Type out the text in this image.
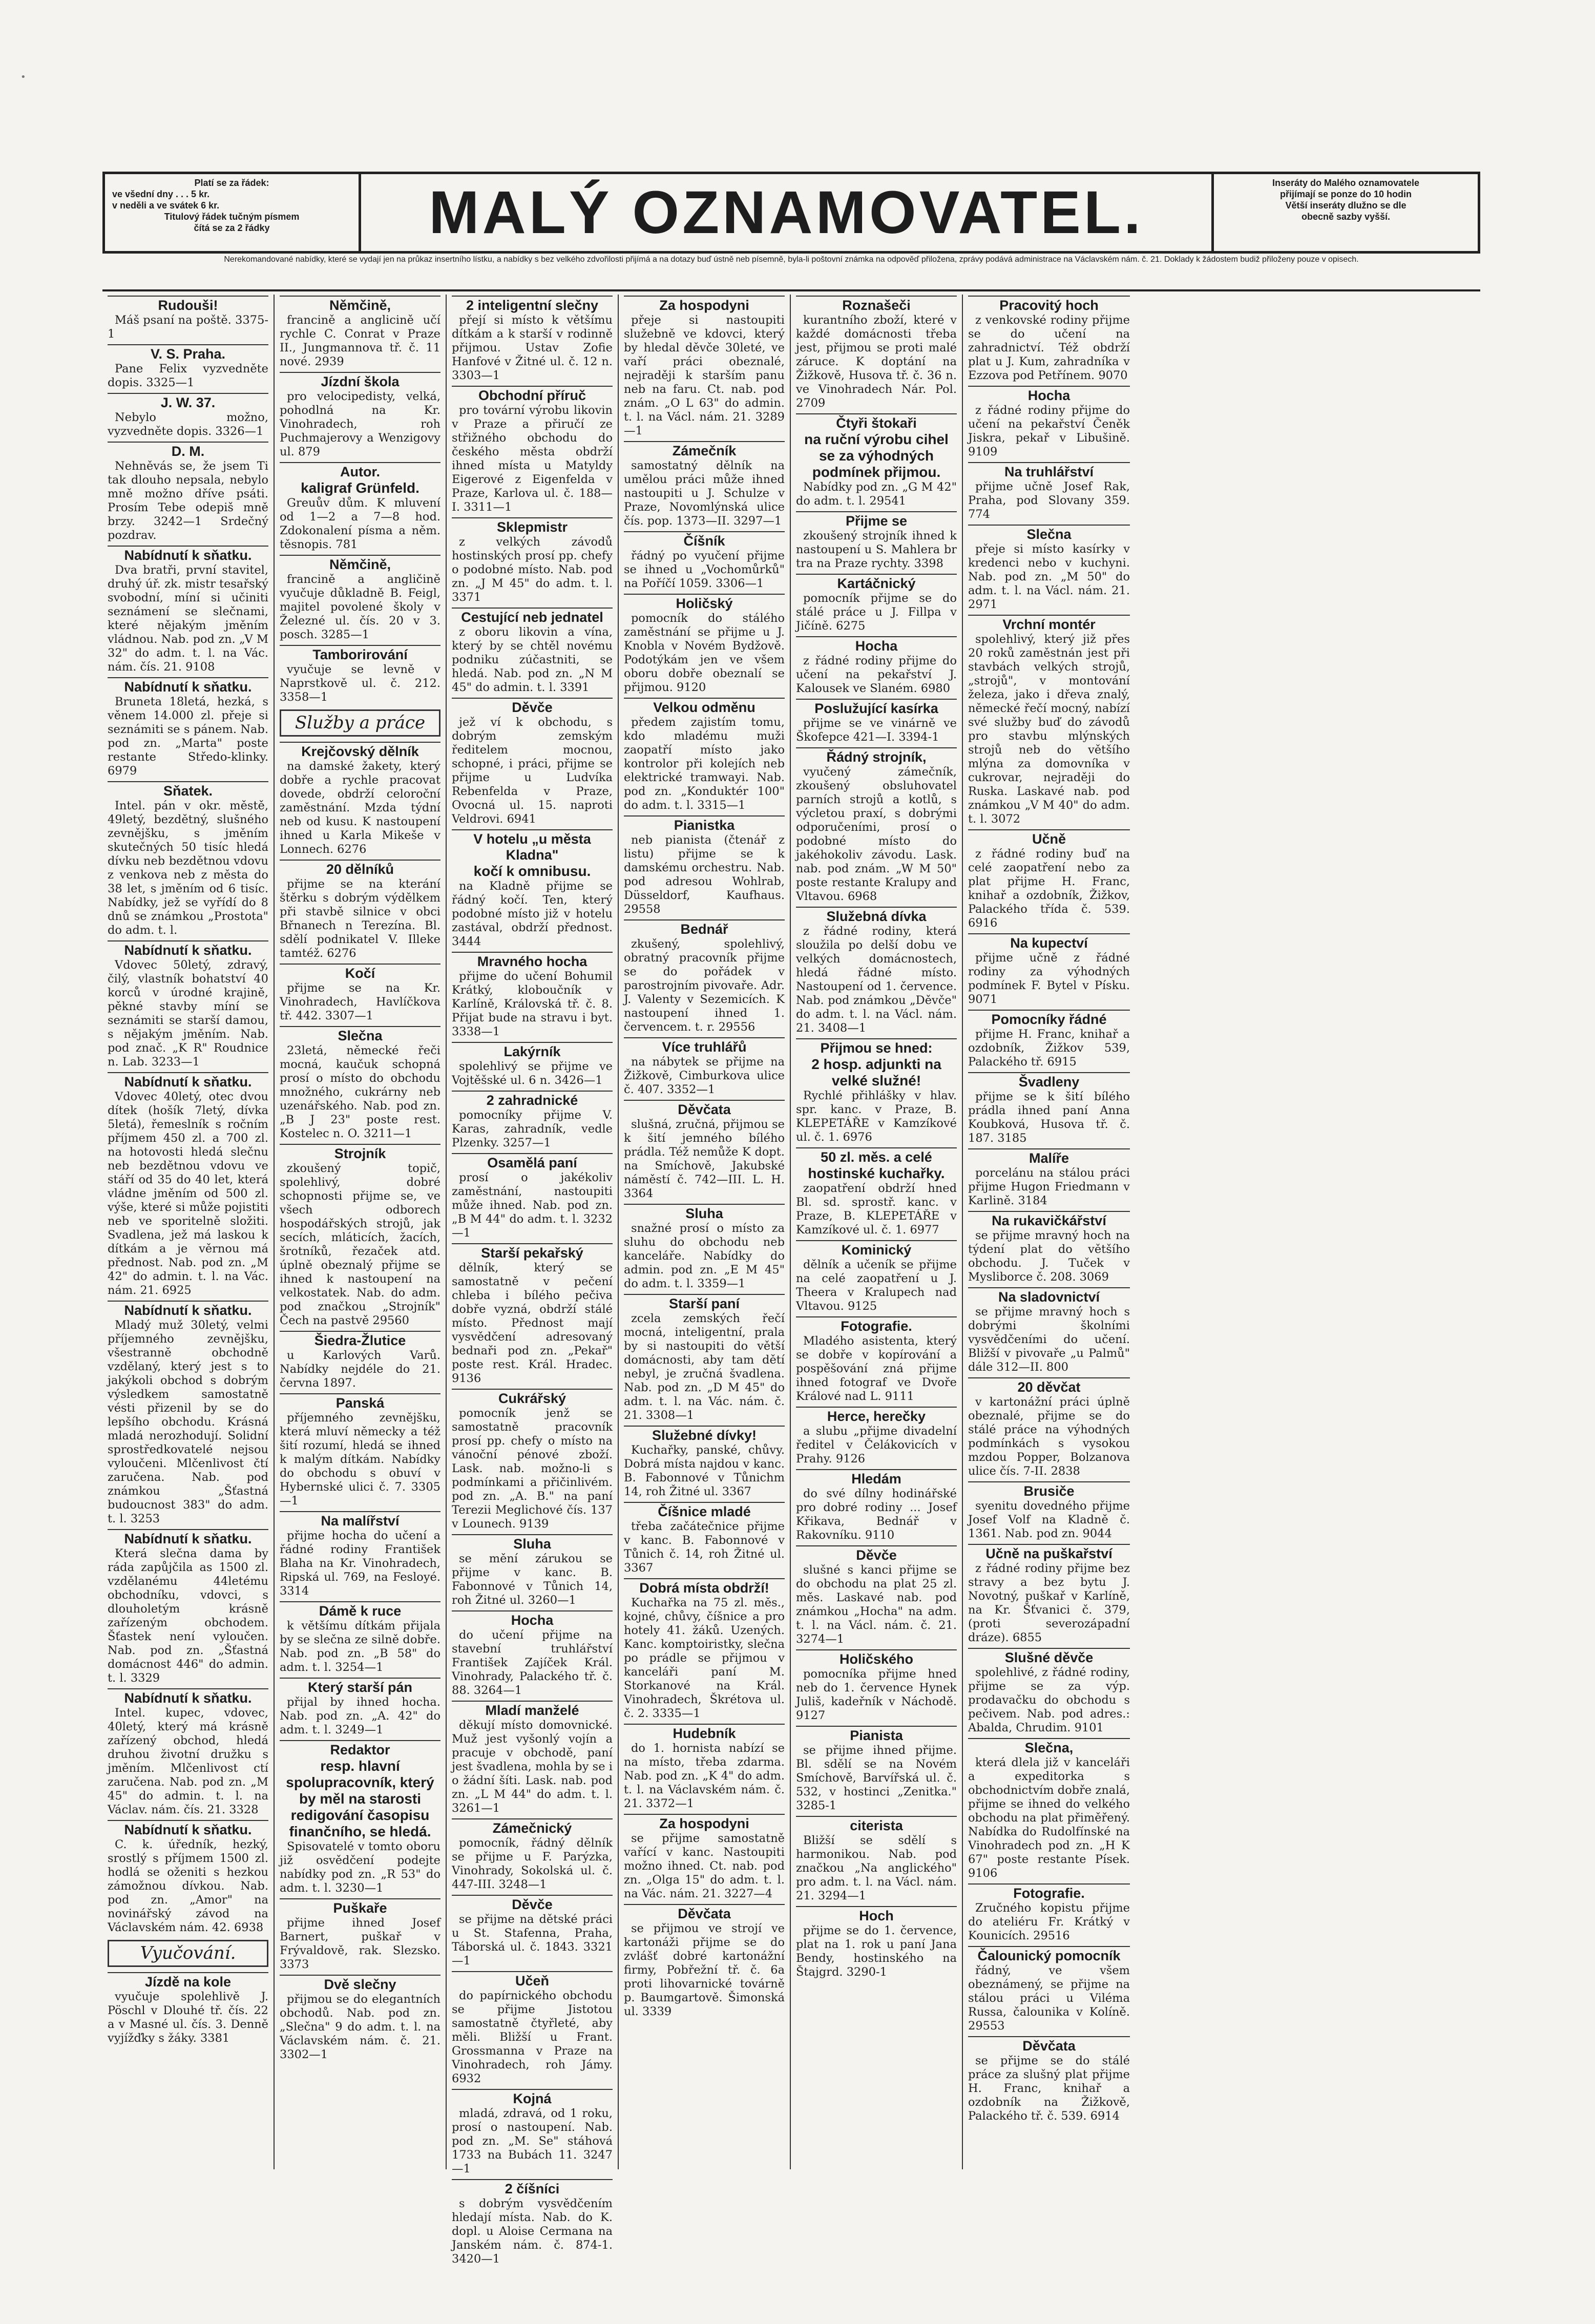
•
Platí se za řádek:
ve všední dny . . . 5 kr.
v neděli a ve svátek 6 kr.
Titulový řádek tučným písmem
čítá se za 2 řádky	MALÝ OZNAMOVATEL.	Inseráty do Malého oznamovatele
přijímají se ponze do 10 hodin
Větší inseráty dlužno se dle
obecně sazby vyšší.
Nerekomandované nabídky, které se vydají jen na průkaz insertního lístku, a nabídky s bez velkého zdvořilosti přijímá a na dotazy buď ústně neb písemně, byla-li poštovní známka na odpověď přiložena, zprávy podává administrace na Václavském nám. č. 21. Doklady k žádostem budiž přiloženy pouze v opisech.
Rudouši!
Máš psaní na poště. 3375-1
V. S. Praha.
Pane Felix vyzvedněte dopis. 3325—1
J. W. 37.
Nebylo možno, vyzvedněte dopis. 3326—1
D. M.
Nehněvás se, že jsem Ti tak dlouho nepsala, nebylo mně možno dříve psáti. Prosím Tebe odepiš mně brzy. 3242—1 Srdečný pozdrav.
Nabídnutí k sňatku.
Dva bratři, první stavitel, druhý úř. zk. mistr tesařský svobodní, míní si učiniti seznámení se slečnami, které nějakým jměním vládnou. Nab. pod zn. „V M 32" do adm. t. l. na Vác. nám. čís. 21. 9108
Nabídnutí k sňatku.
Bruneta 18letá, hezká, s věnem 14.000 zl. přeje si seznámiti se s pánem. Nab. pod zn. „Marta" poste restante Středo-klinky. 6979
Sňatek.
Intel. pán v okr. městě, 49letý, bezdětný, slušného zevnějšku, s jměním skutečných 50 tisíc hledá dívku neb bezdětnou vdovu z venkova neb z města do 38 let, s jměním od 6 tisíc. Nabídky, jež se vyřídí do 8 dnů se známkou „Prostota" do adm. t. l.
Nabídnutí k sňatku.
Vdovec 50letý, zdravý, čilý, vlastník bohatství 40 korců v úrodné krajině, pěkné stavby míní se seznámiti se starší damou, s nějakým jměním. Nab. pod znač. „K R" Roudnice n. Lab. 3233—1
Nabídnutí k sňatku.
Vdovec 40letý, otec dvou dítek (hošík 7letý, dívka 5letá), řemeslník s ročním příjmem 450 zl. a 700 zl. na hotovosti hledá slečnu neb bezdětnou vdovu ve stáří od 35 do 40 let, která vládne jměním od 500 zl. výše, které si může pojistiti neb ve sporitelně složiti. Svadlena, jež má laskou k dítkám a je věrnou má přednost. Nab. pod zn. „M 42" do admin. t. l. na Vác. nám. 21. 6925
Nabídnutí k sňatku.
Mladý muž 30letý, velmi příjemného zevnějšku, všestranně obchodně vzdělaný, který jest s to jakýkoli obchod s dobrým výsledkem samostatně vésti přizenil by se do lepšího obchodu. Krásná mladá nerozhodují. Solidní sprostředkovatelé nejsou vyloučeni. Mlčenlivost čtí zaručena. Nab. pod známkou „Šťastná budoucnost 383" do adm. t. l. 3253
Nabídnutí k sňatku.
Která slečna dama by ráda zapůjčila as 1500 zl. vzdělanému 44letému obchodníku, vdovci, s dlouholetým krásně zařízeným obchodem. Šťastek není vyloučen. Nab. pod zn. „Šťastná domácnost 446" do admin. t. l. 3329
Nabídnutí k sňatku.
Intel. kupec, vdovec, 40letý, který má krásně zařízený obchod, hledá druhou životní družku s jměním. Mlčenlivost ctí zaručena. Nab. pod zn. „M 45" do admin. t. l. na Václav. nám. čís. 21. 3328
Nabídnutí k sňatku.
C. k. úředník, hezký, srostlý s příjmem 1500 zl. hodlá se oženiti s hezkou zámožnou dívkou. Nab. pod zn. „Amor" na novinářský závod na Václavském nám. 42. 6938
Vyučování.
Jízdě na kole
vyučuje spolehlivě J. Pöschl v Dlouhé tř. čís. 22 a v Masné ul. čís. 3. Denně vyjížďky s žáky. 3381
Němčině,
francině a anglicině učí rychle C. Conrat v Praze II., Jungmannova tř. č. 11 nové. 2939
Jízdní škola
pro velocipedisty, velká, pohodlná na Kr. Vinohradech, roh Puchmajerovy a Wenzigovy ul. 879
Autor.
kaligraf Grünfeld.
Greuův dům. K mluvení od 1—2 a 7—8 hod. Zdokonalení písma a něm. těsnopis. 781
Němčině,
francině a angličině vyučuje důkladně B. Feigl, majitel povolené školy v Železné ul. čís. 20 v 3. posch. 3285—1
Tamborirování
vyučuje se levně v Naprstkově ul. č. 212. 3358—1
Služby a práce
Krejčovský dělník
na damské žakety, který dobře a rychle pracovat dovede, obdrží celoroční zaměstnání. Mzda týdní neb od kusu. K nastoupení ihned u Karla Mikeše v Lonnech. 6276
20 dělníků
přijme se na kterání štěrku s dobrým výdělkem při stavbě silnice v obci Břnanech n Terezína. Bl. sdělí podnikatel V. Illeke tamtéž. 6276
Kočí
přijme se na Kr. Vinohradech, Havlíčkova tř. 442. 3307—1
Slečna
23letá, německé řeči mocná, kaučuk schopná prosí o místo do obchodu množného, cukrárny neb uzenářského. Nab. pod zn. „B J 23" poste rest. Kostelec n. O. 3211—1
Strojník
zkoušený topič, spolehlivý, dobré schopnosti přijme se, ve všech odborech hospodářských strojů, jak secích, mláticích, žacích, šrotníků, řezaček atd. úplně obeznalý přijme se ihned k nastoupení na velkostatek. Nab. do adm. pod značkou „Strojník" Čech na pastvě 29560
Šiedra-Žlutice
u Karlových Varů. Nabídky nejdéle do 21. června 1897.
Panská
příjemného zevnějšku, která mluví německy a též šití rozumí, hledá se ihned k malým dítkám. Nabídky do obchodu s obuví v Hybernské ulici č. 7. 3305—1
Na malířství
přijme hocha do učení a řádné rodiny František Blaha na Kr. Vinohradech, Ripská ul. 769, na Fesloyé. 3314
Dámě k ruce
k většímu dítkám přijala by se slečna ze silně dobře. Nab. pod zn. „B 58" do adm. t. l. 3254—1
Který starší pán
přijal by ihned hocha. Nab. pod zn. „A. 42" do adm. t. l. 3249—1
Redaktor
resp. hlavní spolupracovník, který by měl na starosti redigování časopisu finančního, se hledá.
Spisovatelé v tomto oboru již osvědčení podejte nabídky pod zn. „R 53" do adm. t. l. 3230—1
Puškaře
přijme ihned Josef Barnert, puškař v Frývaldově, rak. Slezsko. 3373
Dvě slečny
přijmou se do elegantních obchodů. Nab. pod zn. „Slečna" 9 do adm. t. l. na Václavském nám. č. 21. 3302—1
2 inteligentní slečny
přejí si místo k většímu dítkám a k starší v rodinně přijmou. Ustav Zofie Hanfové v Žitné ul. č. 12 n. 3303—1
Obchodní příruč
pro tovární výrobu likovin v Praze a přiručí ze střižného obchodu do českého města obdrží ihned místa u Matyldy Eigerové z Eigenfelda v Praze, Karlova ul. č. 188—I. 3311—1
Sklepmistr
z velkých závodů hostinských prosí pp. chefy o podobné místo. Nab. pod zn. „J M 45" do adm. t. l. 3371
Cestující neb jednatel
z oboru likovin a vína, který by se chtěl novému podniku zúčastniti, se hledá. Nab. pod zn. „N M 45" do admin. t. l. 3391
Děvče
jež ví k obchodu, s dobrým zemským ředitelem mocnou, schopné, i práci, přijme se přijme u Ludvíka Rebenfelda v Praze, Ovocná ul. 15. naproti Veldrovi. 6941
V hotelu „u města Kladna"
kočí k omnibusu.
na Kladně přijme se řádný kočí. Ten, který podobné místo již v hotelu zastával, obdrží přednost. 3444
Mravného hocha
přijme do učení Bohumil Krátký, kloboučník v Karlíně, Královská tř. č. 8. Přijat bude na stravu i byt. 3338—1
Lakýrník
spolehlivý se přijme ve Vojtěšské ul. 6 n. 3426—1
2 zahradnické
pomocníky přijme V. Karas, zahradník, vedle Plzenky. 3257—1
Osamělá paní
prosí o jakékoliv zaměstnání, nastoupiti může ihned. Nab. pod zn. „B M 44" do adm. t. l. 3232—1
Starší pekařský
dělník, který se samostatně v pečení chleba i bílého pečiva dobře vyzná, obdrží stálé místo. Přednost mají vysvědčení adresovaný bednaři pod zn. „Pekař" poste rest. Král. Hradec. 9136
Cukrářský
pomocník jenž se samostatně pracovník prosí pp. chefy o místo na vánoční pénové zboží. Lask. nab. možno-li s podmínkami a přičinlivém. pod zn. „A. B." na paní Terezii Meglichové čís. 137 v Lounech. 9139
Sluha
se mění zárukou se přijme v kanc. B. Fabonnové v Tůnich 14, roh Žitné ul. 3260—1
Hocha
do učení přijme na stavební truhlářství František Zajíček Král. Vinohrady, Palackého tř. č. 88. 3264—1
Mladí manželé
děkují místo domovnické. Muž jest vyšonlý vojín a pracuje v obchodě, paní jest švadlena, mohla by se i o žádní šíti. Lask. nab. pod zn. „L M 44" do adm. t. l. 3261—1
Zámečnický
pomocník, řádný dělník se přijme u F. Parýzka, Vinohrady, Sokolská ul. č. 447-III. 3248—1
Děvče
se přijme na dětské práci u St. Stafenna, Praha, Táborská ul. č. 1843. 3321—1
Učeň
do papírnického obchodu se přijme Jistotou samostatně čtyřleté, aby měli. Bližší u Frant. Grossmanna v Praze na Vinohradech, roh Jámy. 6932
Kojná
mladá, zdravá, od 1 roku, prosí o nastoupení. Nab. pod zn. „M. Se" stáhová 1733 na Bubách 11. 3247—1
2 číšníci
s dobrým vysvědčením hledají místa. Nab. do K. dopl. u Aloise Cermana na Janském nám. č. 874-1. 3420—1
Za hospodyni
přeje si nastoupiti služebně ve kdovci, který by hledal děvče 30leté, ve vaří práci obeznalé, nejraději k starším panu neb na faru. Ct. nab. pod znám. „O L 63" do admin. t. l. na Václ. nám. 21. 3289—1
Zámečník
samostatný dělník na umělou práci může ihned nastoupiti u J. Schulze v Praze, Novomlýnská ulice čís. pop. 1373—II. 3297—1
Číšník
řádný po vyučení přijme se ihned u „Vochomůrků" na Poříčí 1059. 3306—1
Holičský
pomocník do stálého zaměstnání se přijme u J. Knobla v Novém Bydžově. Podotýkám jen ve všem oboru dobře obeznalí se přijmou. 9120
Velkou odměnu
předem zajistím tomu, kdo mladému muži zaopatří místo jako kontrolor při kolejích neb elektrické tramwayi. Nab. pod zn. „Konduktér 100" do adm. t. l. 3315—1
Pianistka
neb pianista (čtenář z listu) přijme se k damskému orchestru. Nab. pod adresou Wohlrab, Düsseldorf, Kaufhaus. 29558
Bednář
zkušený, spolehlivý, obratný pracovník přijme se do pořádek v parostrojním pivovaře. Adr. J. Valenty v Sezemicích. K nastoupení ihned 1. červencem. t. r. 29556
Více truhlářů
na nábytek se přijme na Žižkově, Cimburkova ulice č. 407. 3352—1
Děvčata
slušná, zručná, přijmou se k šití jemného bílého prádla. Též nemůže K dopt. na Smíchově, Jakubské náměstí č. 742—III. L. H. 3364
Sluha
snažné prosí o místo za sluhu do obchodu neb kanceláře. Nabídky do admin. pod zn. „E M 45" do adm. t. l. 3359—1
Starší paní
zcela zemských řečí mocná, inteligentní, prala by si nastoupiti do větší domácnosti, aby tam dětí nebyl, je zručná švadlena. Nab. pod zn. „D M 45" do adm. t. l. na Vác. nám. č. 21. 3308—1
Služebné dívky!
Kuchařky, panské, chůvy. Dobrá místa najdou v kanc. B. Fabonnové v Tůnichm 14, roh Žitné ul. 3367
Číšnice mladé
třeba začátečnice přijme v kanc. B. Fabonnové v Tůnich č. 14, roh Žitné ul. 3367
Dobrá místa obdrží!
Kuchařka na 75 zl. měs., kojné, chůvy, číšnice a pro hotely 41. žáků. Uzených. Kanc. komptoiristky, slečna po prádle se přijmou v kanceláři paní M. Storkanové na Král. Vinohradech, Škrétova ul. č. 2. 3335—1
Hudebník
do 1. hornista nabízí se na místo, třeba zdarma. Nab. pod zn. „K 4" do adm. t. l. na Václavském nám. č. 21. 3372—1
Za hospodyni
se přijme samostatně vařící v kanc. Nastoupiti možno ihned. Ct. nab. pod zn. „Olga 15" do adm. t. l. na Vác. nám. 21. 3227—4
Děvčata
se přijmou ve strojí ve kartonáži přijme se do zvlášť dobré kartonážní firmy, Pobřežní tř. č. 6a proti lihovarnické továrně p. Baumgartově. Šimonská ul. 3339
Roznašeči
kurantního zboží, které v každé domácnosti třeba jest, přijmou se proti malé záruce. K doptání na Žižkově, Husova tř. č. 36 n. ve Vinohradech Nár. Pol. 2709
Čtyři štokaři
na ruční výrobu cihel se za výhodných podmínek přijmou.
Nabídky pod zn. „G M 42" do adm. t. l. 29541
Přijme se
zkoušený strojník ihned k nastoupení u S. Mahlera br tra na Praze rychty. 3398
Kartáčnický
pomocník přijme se do stálé práce u J. Fillpa v Jičíně. 6275
Hocha
z řádné rodiny přijme do učení na pekařství J. Kalousek ve Slaném. 6980
Poslužující kasírka
přijme se ve vinárně ve Škofepce 421—I. 3394-1
Řádný strojník,
vyučený zámečník, zkoušený obsluhovatel parních strojů a kotlů, s výcletou praxí, s dobrými odporučeními, prosí o podobné místo do jakéhokoliv závodu. Lask. nab. pod znám. „W M 50" poste restante Kralupy and Vltavou. 6968
Služebná dívka
z řádné rodiny, která sloužila po delší dobu ve velkých domácnostech, hledá řádné místo. Nastoupení od 1. července. Nab. pod známkou „Děvče" do adm. t. l. na Václ. nám. 21. 3408—1
Přijmou se hned:
2 hosp. adjunkti na velké služné!
Rychlé přihlášky v hlav. spr. kanc. v Praze, B. KLEPETÁŘE v Kamzíkové ul. č. 1. 6976
50 zl. měs. a celé
hostinské kuchařky.
zaopatření obdrží hned Bl. sd. sprostř. kanc. v Praze, B. KLEPETÁŘE v Kamzíkové ul. č. 1. 6977
Kominický
dělník a učeník se přijme na celé zaopatření u J. Theera v Kralupech nad Vltavou. 9125
Fotografie.
Mladého asistenta, který se dobře v kopírování a pospěšování zná přijme ihned fotograf ve Dvoře Králové nad L. 9111
Herce, herečky
a slubu „přijme divadelní ředitel v Čelákovicích v Prahy. 9126
Hledám
do své dílny hodinářské pro dobré rodiny ... Josef Křikava, Bednář v Rakovníku. 9110
Děvče
slušné s kanci přijme se do obchodu na plat 25 zl. měs. Laskavé nab. pod známkou „Hocha" na adm. t. l. na Václ. nám. č. 21. 3274—1
Holičského
pomocníka přijme hned neb do 1. července Hynek Juliš, kadeřník v Náchodě. 9127
Pianista
se přijme ihned přijme. Bl. sdělí se na Novém Smíchově, Barvířská ul. č. 532, v hostinci „Zenitka." 3285-1
citerista
Bližší se sdělí s harmonikou. Nab. pod značkou „Na anglického" pro adm. t. l. na Václ. nám. 21. 3294—1
Hoch
přijme se do 1. července, plat na 1. rok u paní Jana Bendy, hostinského na Štajgrd. 3290-1
Pracovitý hoch
z venkovské rodiny přijme se do učení na zahradnictví. Též obdrží plat u J. Kum, zahradníka v Ezzova pod Petřínem. 9070
Hocha
z řádné rodiny přijme do učení na pekařství Čeněk Jiskra, pekař v Libušině. 9109
Na truhlářství
přijme učně Josef Rak, Praha, pod Slovany 359. 774
Slečna
přeje si místo kasírky v kredenci nebo v kuchyni. Nab. pod zn. „M 50" do adm. t. l. na Václ. nám. 21. 2971
Vrchní montér
spolehlivý, který již přes 20 roků zaměstnán jest při stavbách velkých strojů, „strojů", v montování železa, jako i dřeva znalý, německé řečí mocný, nabízí své služby buď do závodů pro stavbu mlýnských strojů neb do většího mlýna za domovníka v cukrovar, nejraději do Ruska. Laskavé nab. pod známkou „V M 40" do adm. t. l. 3072
Učně
z řádné rodiny buď na celé zaopatření nebo za plat přijme H. Franc, knihař a ozdobník, Žižkov, Palackého třída č. 539. 6916
Na kupectví
přijme učně z řádné rodiny za výhodných podmínek F. Bytel v Písku. 9071
Pomocníky řádné
přijme H. Franc, knihař a ozdobník, Žižkov 539, Palackého tř. 6915
Švadleny
přijme se k šití bílého prádla ihned paní Anna Koubková, Husova tř. č. 187. 3185
Malíře
porcelánu na stálou práci přijme Hugon Friedmann v Karlině. 3184
Na rukavičkářství
se přijme mravný hoch na týdení plat do většího obchodu. J. Tuček v Mysliborce č. 208. 3069
Na sladovnictví
se přijme mravný hoch s dobrými školními vysvědčeními do učení. Bližší v pivovaře „u Palmů" dále 312—II. 800
20 děvčat
v kartonážní práci úplně obeznalé, přijme se do stálé práce na výhodných podmínkách s vysokou mzdou Popper, Bolzanova ulice čís. 7-II. 2838
Brusiče
syenitu dovedného přijme Josef Volf na Kladně č. 1361. Nab. pod zn. 9044
Učně na puškařství
z řádné rodiny přijme bez stravy a bez bytu J. Novotný, puškař v Karlíně, na Kr. Šťvanici č. 379, (proti severozápadní dráze). 6855
Slušné děvče
spolehlivé, z řádné rodiny, přijme se za výp. prodavačku do obchodu s pečivem. Nab. pod adres.: Abalda, Chrudim. 9101
Slečna,
která dlela již v kanceláři a expeditorka s obchodnictvím dobře znalá, přijme se ihned do velkého obchodu na plat přiměřený. Nabídka do Rudolfínské na Vinohradech pod zn. „H K 67" poste restante Písek. 9106
Fotografie.
Zručného kopistu přijme do ateliéru Fr. Krátký v Kounicích. 29516
Čalounický pomocník
řádný, ve všem obeznámený, se přijme na stálou práci u Viléma Russa, čalounika v Kolíně. 29553
Děvčata
se přijme se do stálé práce za slušný plat přijme H. Franc, knihař a ozdobník na Žižkově, Palackého tř. č. 539. 6914
